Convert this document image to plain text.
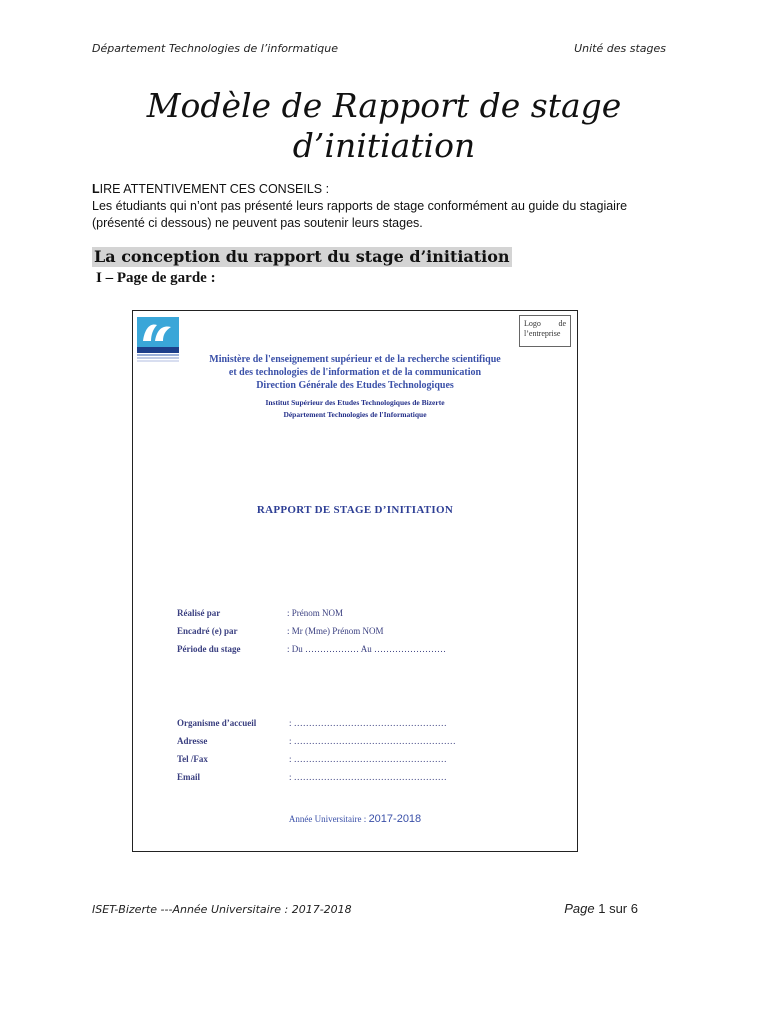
Département Technologies de l’informatique	Unité des stages
Modèle de Rapport de stage
d’initiation
LIRE ATTENTIVEMENT CES CONSEILS :
Les étudiants qui n’ont pas présenté leurs rapports de stage conformément au guide du stagiaire (présenté ci dessous) ne peuvent pas soutenir leurs stages.
La conception du rapport du stage d’initiation
I – Page de garde :
Logo de
l’entreprise
Ministère de l'enseignement supérieur et de la recherche scientifique
et des technologies de l'information et de la communication
Direction Générale des Etudes Technologiques
Institut Supérieur des Etudes Technologiques de Bizerte
Département Technologies de l'Informatique
RAPPORT DE STAGE D’INITIATION
Réalisé par	: Prénom NOM
Encadré (e) par	: Mr (Mme) Prénom NOM
Période du stage	: Du ……………… Au ……………………
Organisme d’accueil	: ……………………………………………
Adresse	: ………………………………………………
Tel /Fax	: ……………………………………………
Email	: ……………………………………………
Année Universitaire : 2017-2018
ISET-Bizerte ---Année Universitaire : 2017-2018	Page 1 sur 6
